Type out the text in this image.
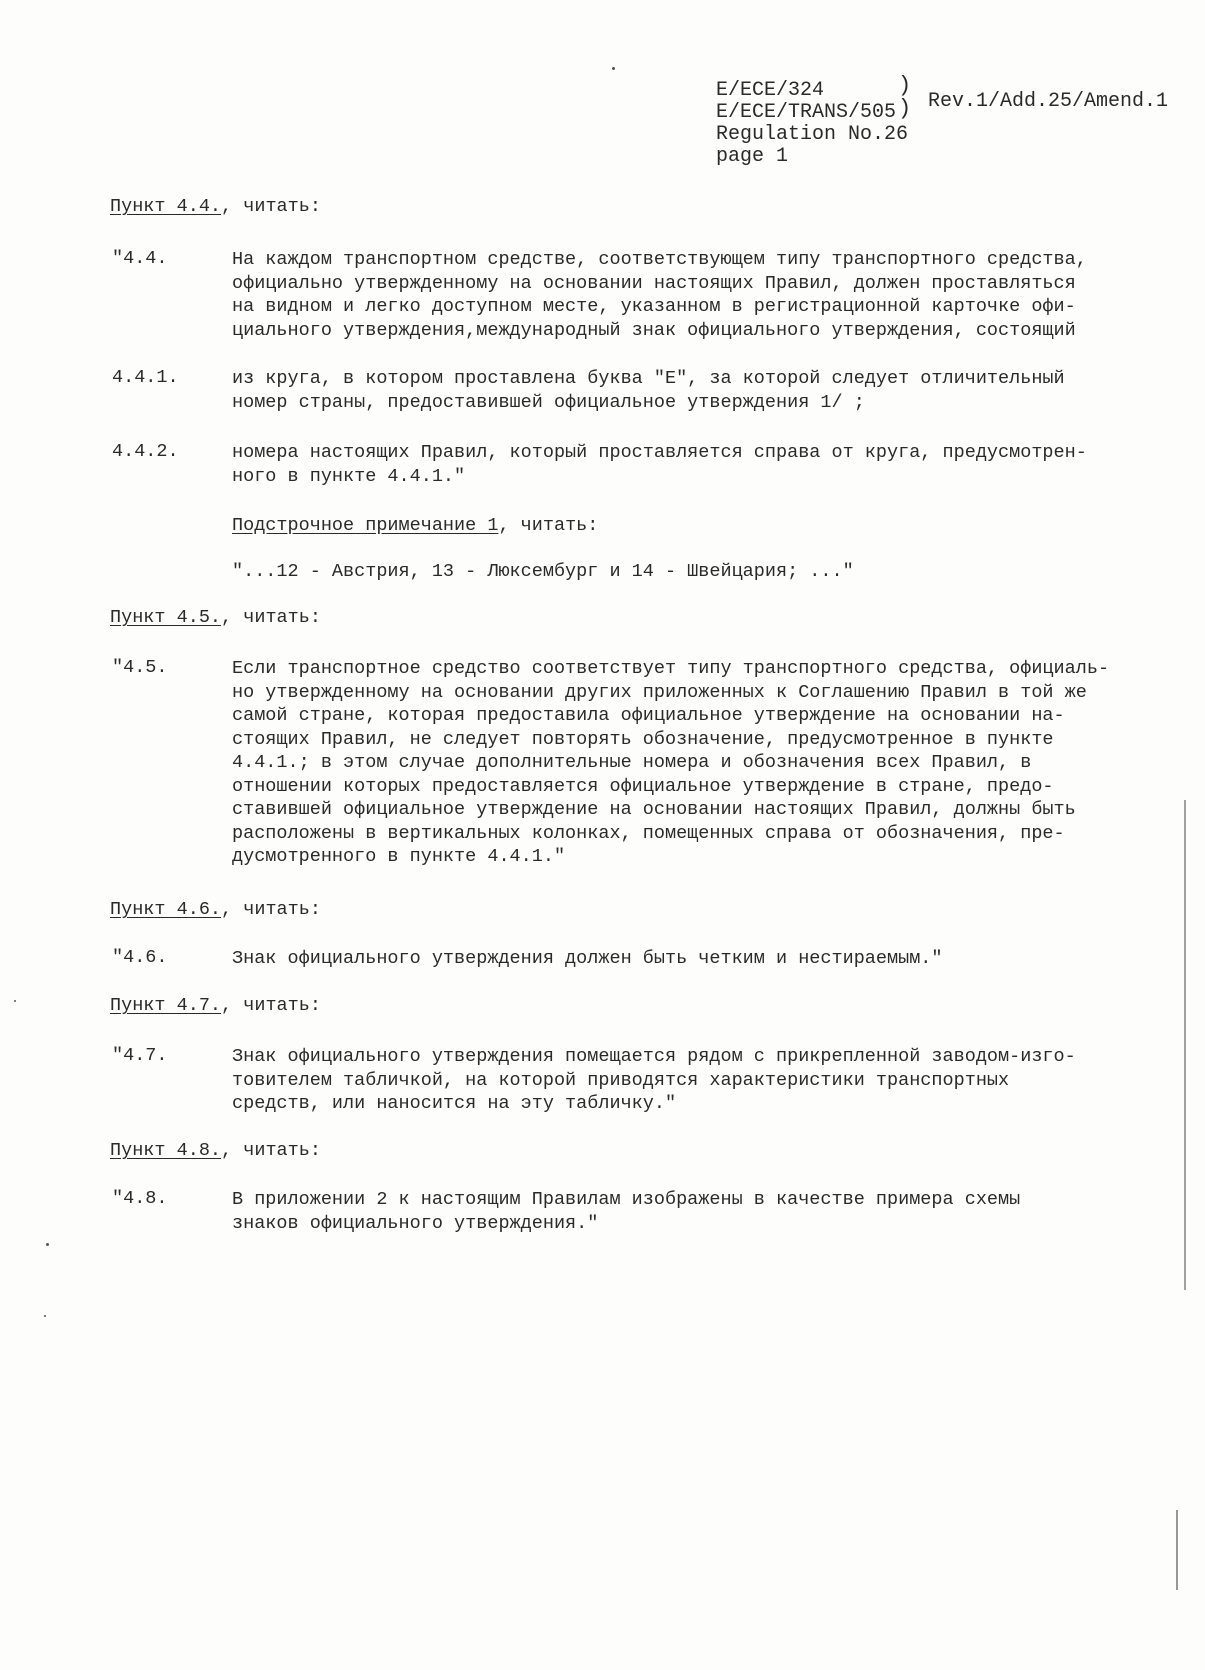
E/ECE/324
E/ECE/TRANS/505
Regulation No.26
page 1
)
) Rev.1/Add.25/Amend.1
Пункт 4.4., читать:
"4.4.	На каждом транспортном средстве, соответствующем типу транспортного средства,
официально утвержденному на основании настоящих Правил, должен проставляться
на видном и легко доступном месте, указанном в регистрационной карточке офи-
циального утверждения,международный знак официального утверждения, состоящий
4.4.1.	из круга, в котором проставлена буква "E", за которой следует отличительный
номер страны, предоставившей официальное утверждения 1/ ;
4.4.2.	номера настоящих Правил, который проставляется справа от круга, предусмотрен-
ного в пункте 4.4.1."
Подстрочное примечание 1, читать:
"...12 - Австрия, 13 - Люксембург и 14 - Швейцария; ..."
Пункт 4.5., читать:
"4.5.	Если транспортное средство соответствует типу транспортного средства, официаль-
но утвержденному на основании других приложенных к Соглашению Правил в той же
самой стране, которая предоставила официальное утверждение на основании на-
стоящих Правил, не следует повторять обозначение, предусмотренное в пункте
4.4.1.; в этом случае дополнительные номера и обозначения всех Правил, в
отношении которых предоставляется официальное утверждение в стране, предо-
ставившей официальное утверждение на основании настоящих Правил, должны быть
расположены в вертикальных колонках, помещенных справа от обозначения, пре-
дусмотренного в пункте 4.4.1."
Пункт 4.6., читать:
"4.6.	Знак официального утверждения должен быть четким и нестираемым."
Пункт 4.7., читать:
"4.7.	Знак официального утверждения помещается рядом с прикрепленной заводом-изго-
товителем табличкой, на которой приводятся характеристики транспортных
средств, или наносится на эту табличку."
Пункт 4.8., читать:
"4.8.	В приложении 2 к настоящим Правилам изображены в качестве примера схемы
знаков официального утверждения."
